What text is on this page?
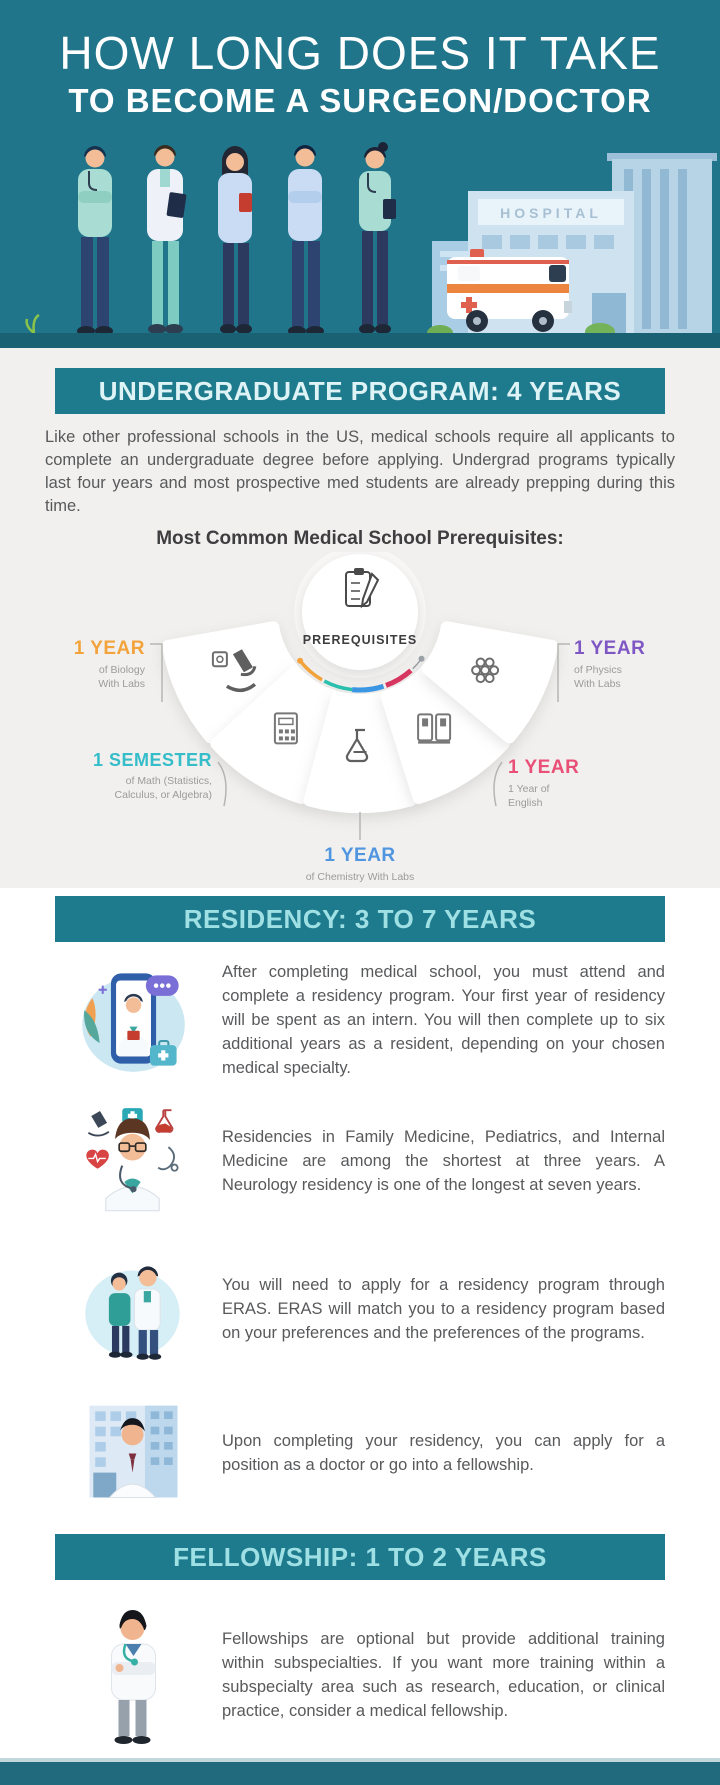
HOW LONG DOES IT TAKE
TO BECOME A SURGEON/DOCTOR
HOSPITAL
UNDERGRADUATE PROGRAM: 4 YEARS

Like other professional schools in the US, medical schools require all applicants to complete an undergraduate degree before applying. Undergrad programs typically last four years and most prospective med students are already prepping during this time.

Most Common Medical School Prerequisites:
PREREQUISITES
1 YEAR
of Biology With Labs
1 YEAR
of Physics With Labs
1 SEMESTER
of Math (Statistics, Calculus, or Algebra)
1 YEAR
1 Year of English
1 YEAR
of Chemistry With Labs
RESIDENCY: 3 TO 7 YEARS

After completing medical school, you must attend and complete a residency program. Your first year of residency will be spent as an intern. You will then complete up to six additional years as a resident, depending on your chosen medical specialty.

Residencies in Family Medicine, Pediatrics, and Internal Medicine are among the shortest at three years. A Neurology residency is one of the longest at seven years.

You will need to apply for a residency program through ERAS. ERAS will match you to a residency program based on your preferences and the preferences of the programs.

Upon completing your residency, you can apply for a position as a doctor or go into a fellowship.

FELLOWSHIP: 1 TO 2 YEARS

Fellowships are optional but provide additional training within subspecialties. If you want more training within a subspecialty area such as research, education, or clinical practice, consider a medical fellowship.
